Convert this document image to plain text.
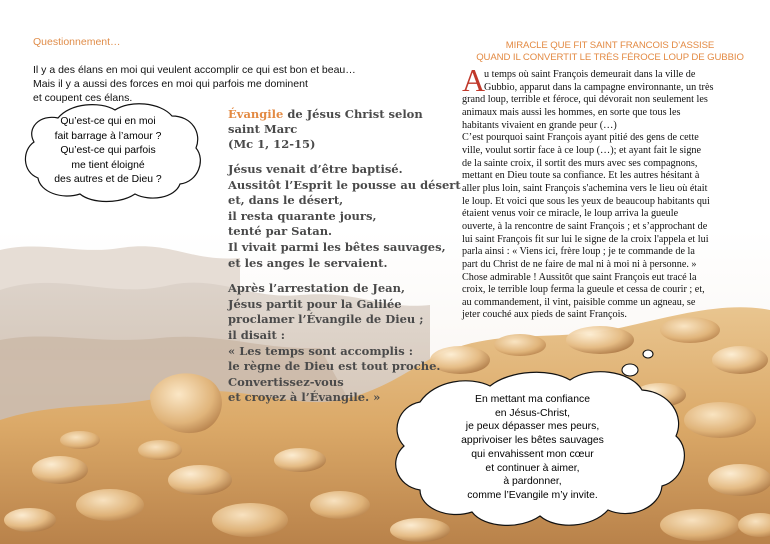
Questionnement…
Il y a des élans en moi qui veulent accomplir ce qui est bon et beau…
Mais il y a aussi des forces en moi qui parfois me dominent
et coupent ces élans.
Qu’est-ce qui en moi
fait barrage à l’amour ?
Qu’est-ce qui parfois
me tient éloigné
des autres et de Dieu ?
Évangile de Jésus Christ selon saint Marc
(Mc 1, 12-15)
Jésus venait d’être baptisé.
Aussitôt l’Esprit le pousse au désert
et, dans le désert,
il resta quarante jours,
tenté par Satan.
Il vivait parmi les bêtes sauvages,
et les anges le servaient.
Après l’arrestation de Jean,
Jésus partit pour la Galilée
proclamer l’Évangile de Dieu ;
il disait :
« Les temps sont accomplis :
le règne de Dieu est tout proche.
Convertissez-vous
et croyez à l’Évangile. »
MIRACLE QUE FIT SAINT FRANCOIS D’ASSISE
QUAND IL CONVERTIT LE TRÈS FÉROCE LOUP DE GUBBIO
A
u temps où saint François demeurait dans la ville de
Gubbio, apparut dans la campagne environnante, un très
grand loup, terrible et féroce, qui dévorait non seulement les
animaux mais aussi les hommes, en sorte que tous les
habitants vivaient en grande peur (…)
C’est pourquoi saint François ayant pitié des gens de cette
ville, voulut sortir face à ce loup (…); et ayant fait le signe
de la sainte croix, il sortit des murs avec ses compagnons,
mettant en Dieu toute sa confiance. Et les autres hésitant à
aller plus loin, saint François s'achemina vers le lieu où était
le loup. Et voici que sous les yeux de beaucoup habitants qui
étaient venus voir ce miracle, le loup arriva la gueule
ouverte, à la rencontre de saint François ; et s’approchant de
lui saint François fit sur lui le signe de la croix l'appela et lui
parla ainsi : « Viens ici, frère loup ; je te commande de la
part du Christ de ne faire de mal ni à moi ni à personne. »
Chose admirable ! Aussitôt que saint François eut tracé la
croix, le terrible loup ferma la gueule et cessa de courir ; et,
au commandement, il vint, paisible comme un agneau, se
jeter couché aux pieds de saint François.
En mettant ma confiance
en Jésus-Christ,
je peux dépasser mes peurs,
apprivoiser les bêtes sauvages
qui envahissent mon cœur
et continuer à aimer,
à pardonner,
comme l’Evangile m’y invite.
